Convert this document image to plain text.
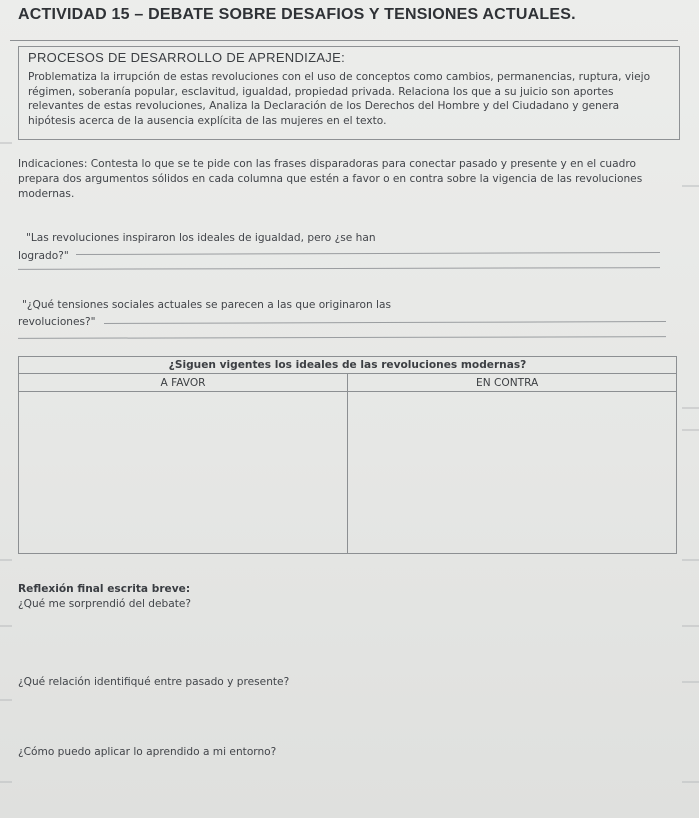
ACTIVIDAD 15 – DEBATE SOBRE DESAFIOS Y TENSIONES ACTUALES.
PROCESOS DE DESARROLLO DE APRENDIZAJE:
Problematiza la irrupción de estas revoluciones con el uso de conceptos como cambios, permanencias, ruptura, viejo régimen, soberanía popular, esclavitud, igualdad, propiedad privada. Relaciona los que a su juicio son aportes relevantes de estas revoluciones, Analiza la Declaración de los Derechos del Hombre y del Ciudadano y genera hipótesis acerca de la ausencia explícita de las mujeres en el texto.
Indicaciones: Contesta lo que se te pide con las frases disparadoras para conectar pasado y presente y en el cuadro prepara dos argumentos sólidos en cada columna que estén a favor o en contra sobre la vigencia de las revoluciones modernas.
"Las revoluciones inspiraron los ideales de igualdad, pero ¿se han
logrado?"
"¿Qué tensiones sociales actuales se parecen a las que originaron las
revoluciones?"
¿Siguen vigentes los ideales de las revoluciones modernas?	
A FAVOR	EN CONTRA

Reflexión final escrita breve:
¿Qué me sorprendió del debate?
¿Qué relación identifiqué entre pasado y presente?
¿Cómo puedo aplicar lo aprendido a mi entorno?
